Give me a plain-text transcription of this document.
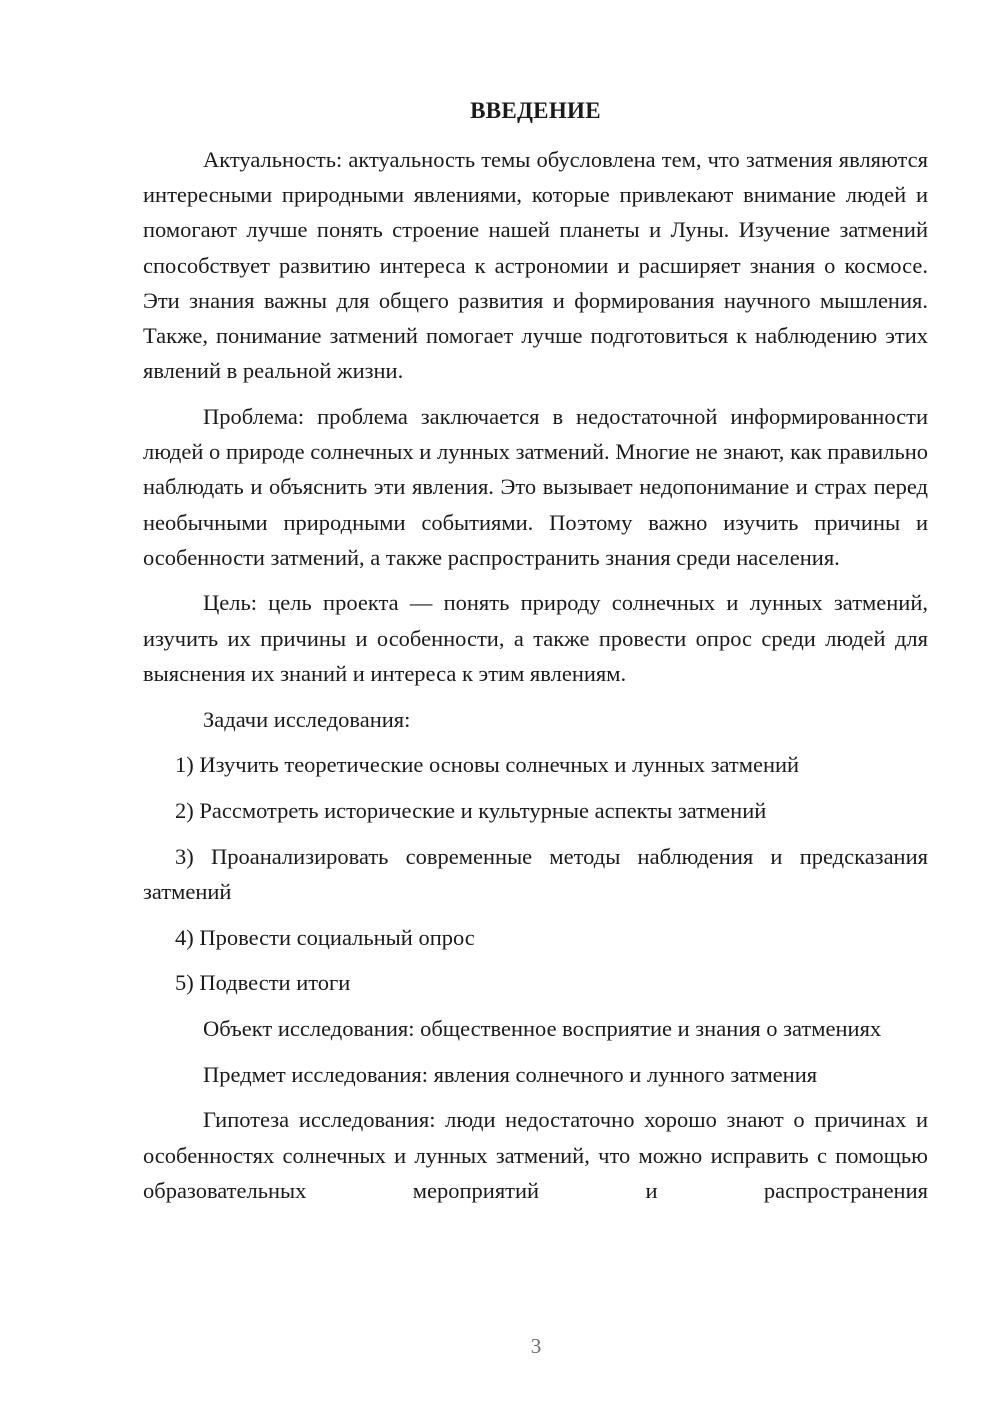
ВВЕДЕНИЕ

Актуальность: актуальность темы обусловлена тем, что затмения являются интересными природными явлениями, которые привлекают внимание людей и помогают лучше понять строение нашей планеты и Луны. Изучение затмений способствует развитию интереса к астрономии и расширяет знания о космосе. Эти знания важны для общего развития и формирования научного мышления. Также, понимание затмений помогает лучше подготовиться к наблюдению этих явлений в реальной жизни.

Проблема: проблема заключается в недостаточной информированности людей о природе солнечных и лунных затмений. Многие не знают, как правильно наблюдать и объяснить эти явления. Это вызывает недопонимание и страх перед необычными природными событиями. Поэтому важно изучить причины и особенности затмений, а также распространить знания среди населения.

Цель: цель проекта — понять природу солнечных и лунных затмений, изучить их причины и особенности, а также провести опрос среди людей для выяснения их знаний и интереса к этим явлениям.

Задачи исследования:

1) Изучить теоретические основы солнечных и лунных затмений

2) Рассмотреть исторические и культурные аспекты затмений

3) Проанализировать современные методы наблюдения и предсказания затмений

4) Провести социальный опрос

5) Подвести итоги

Объект исследования: общественное восприятие и знания о затмениях

Предмет исследования: явления солнечного и лунного затмения

Гипотеза исследования: люди недостаточно хорошо знают о причинах и особенностях солнечных и лунных затмений, что можно исправить с помощью образовательных мероприятий и распространения

3
